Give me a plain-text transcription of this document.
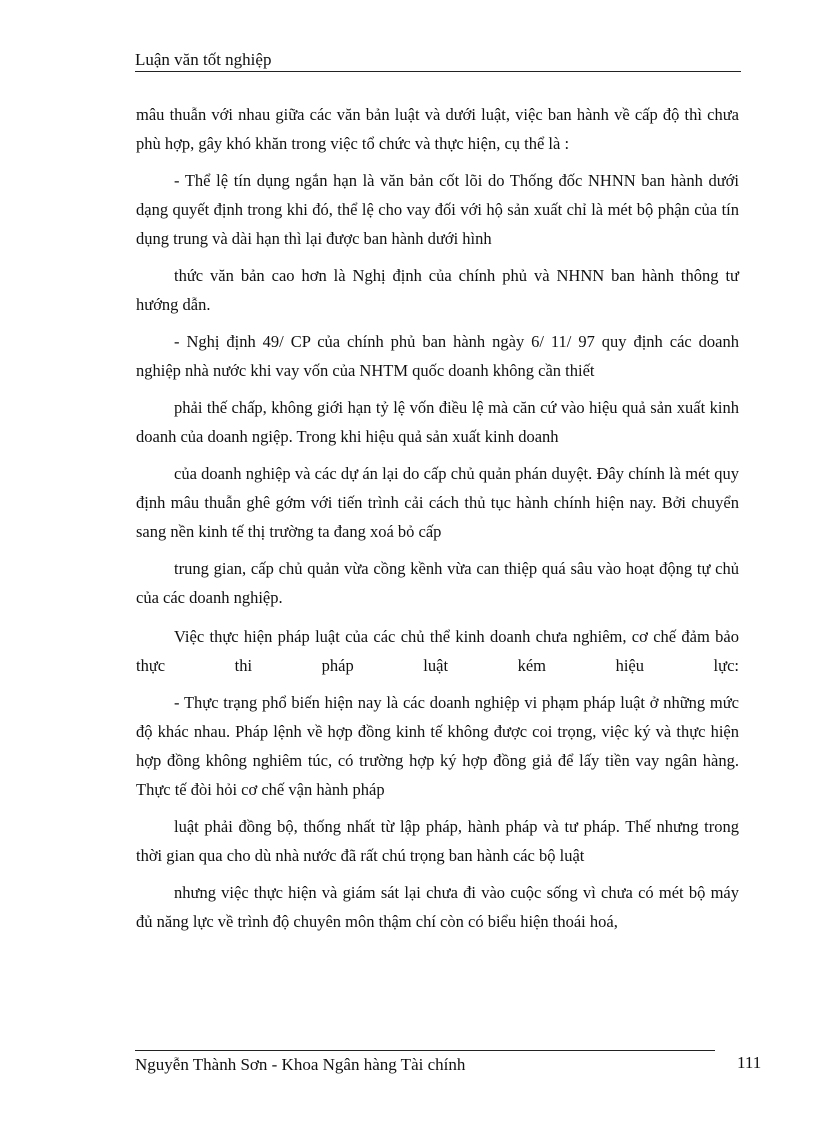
Luận văn tốt nghiệp

mâu thuẫn với nhau giữa các văn bản luật và dưới luật, việc ban hành về cấp độ thì chưa phù hợp, gây khó khăn trong việc tổ chức và thực hiện, cụ thể là :

- Thể lệ tín dụng ngắn hạn là văn bản cốt lõi do Thống đốc NHNN ban hành dưới dạng quyết định trong khi đó, thể lệ cho vay đối với hộ sản xuất chỉ là mét bộ phận của tín dụng trung và dài hạn thì lại được ban hành dưới hình

thức văn bản cao hơn là Nghị định của chính phủ và NHNN ban hành thông tư hướng dẫn.

- Nghị định 49/ CP của chính phủ ban hành ngày 6/ 11/ 97 quy định các doanh nghiệp nhà nước khi vay vốn của NHTM quốc doanh không cần thiết

phải thế chấp, không giới hạn tỷ lệ vốn điều lệ mà căn cứ vào hiệu quả sản xuất kinh doanh của doanh ngiệp. Trong khi hiệu quả sản xuất kinh doanh

của doanh nghiệp và các dự án lại do cấp chủ quản phán duyệt. Đây chính là mét quy định mâu thuẫn ghê gớm với tiến trình cải cách thủ tục hành chính hiện nay. Bởi chuyển sang nền kinh tế thị trường ta đang xoá bỏ cấp

trung gian, cấp chủ quản vừa cồng kềnh vừa can thiệp quá sâu vào hoạt động tự chủ của các doanh nghiệp.

Việc thực hiện pháp luật của các chủ thể kinh doanh chưa nghiêm, cơ chế đảm bảo thực thi pháp luật kém hiệu lực:

- Thực trạng phổ biến hiện nay là các doanh nghiệp vi phạm pháp luật ở những mức độ khác nhau. Pháp lệnh về hợp đồng kinh tế không được coi trọng, việc ký và thực hiện hợp đồng không nghiêm túc, có trường hợp ký hợp đồng giả để lấy tiền vay ngân hàng. Thực tế đòi hỏi cơ chế vận hành pháp

luật phải đồng bộ, thống nhất từ lập pháp, hành pháp và tư pháp. Thế nhưng trong thời gian qua cho dù nhà nước đã rất chú trọng ban hành các bộ luật

nhưng việc thực hiện và giám sát lại chưa đi vào cuộc sống vì chưa có mét bộ máy đủ năng lực về trình độ chuyên môn thậm chí còn có biểu hiện thoái hoá,

Nguyễn Thành Sơn - Khoa Ngân hàng Tài chính	111
